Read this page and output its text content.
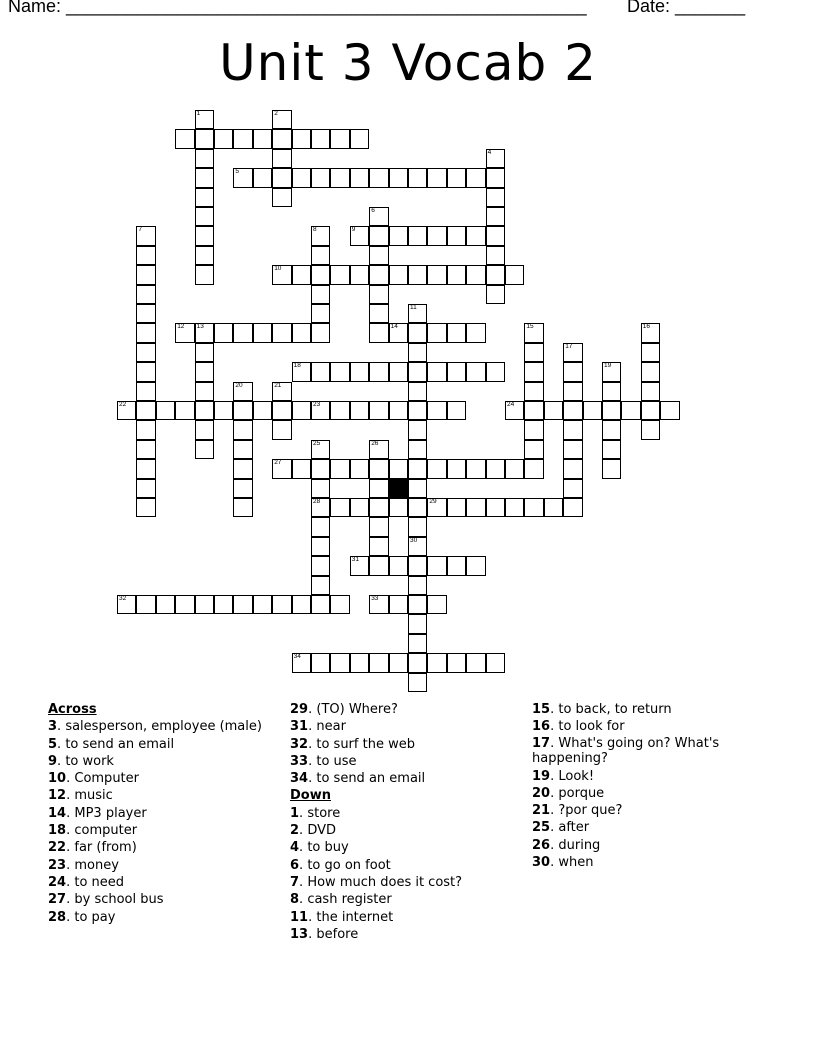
Name: ____________________________________________________ Date: _______
Unit 3 Vocab 2
5
9
10
12 13	14
18
22	23	24
27
28	29
31
32	33
34
1	2
4
6
7	8
11
30
15	16
17
19
20	21
25	26
Across
3. salesperson, employee (male)
5. to send an email
9. to work
10. Computer
12. music
14. MP3 player
18. computer
22. far (from)
23. money
24. to need
27. by school bus
28. to pay
29. (TO) Where?
31. near
32. to surf the web
33. to use
34. to send an email
Down
1. store
2. DVD
4. to buy
6. to go on foot
7. How much does it cost?
8. cash register
11. the internet
13. before
15. to back, to return
16. to look for
17. What's going on? What's happening?
19. Look!
20. porque
21. ?por que?
25. after
26. during
30. when
